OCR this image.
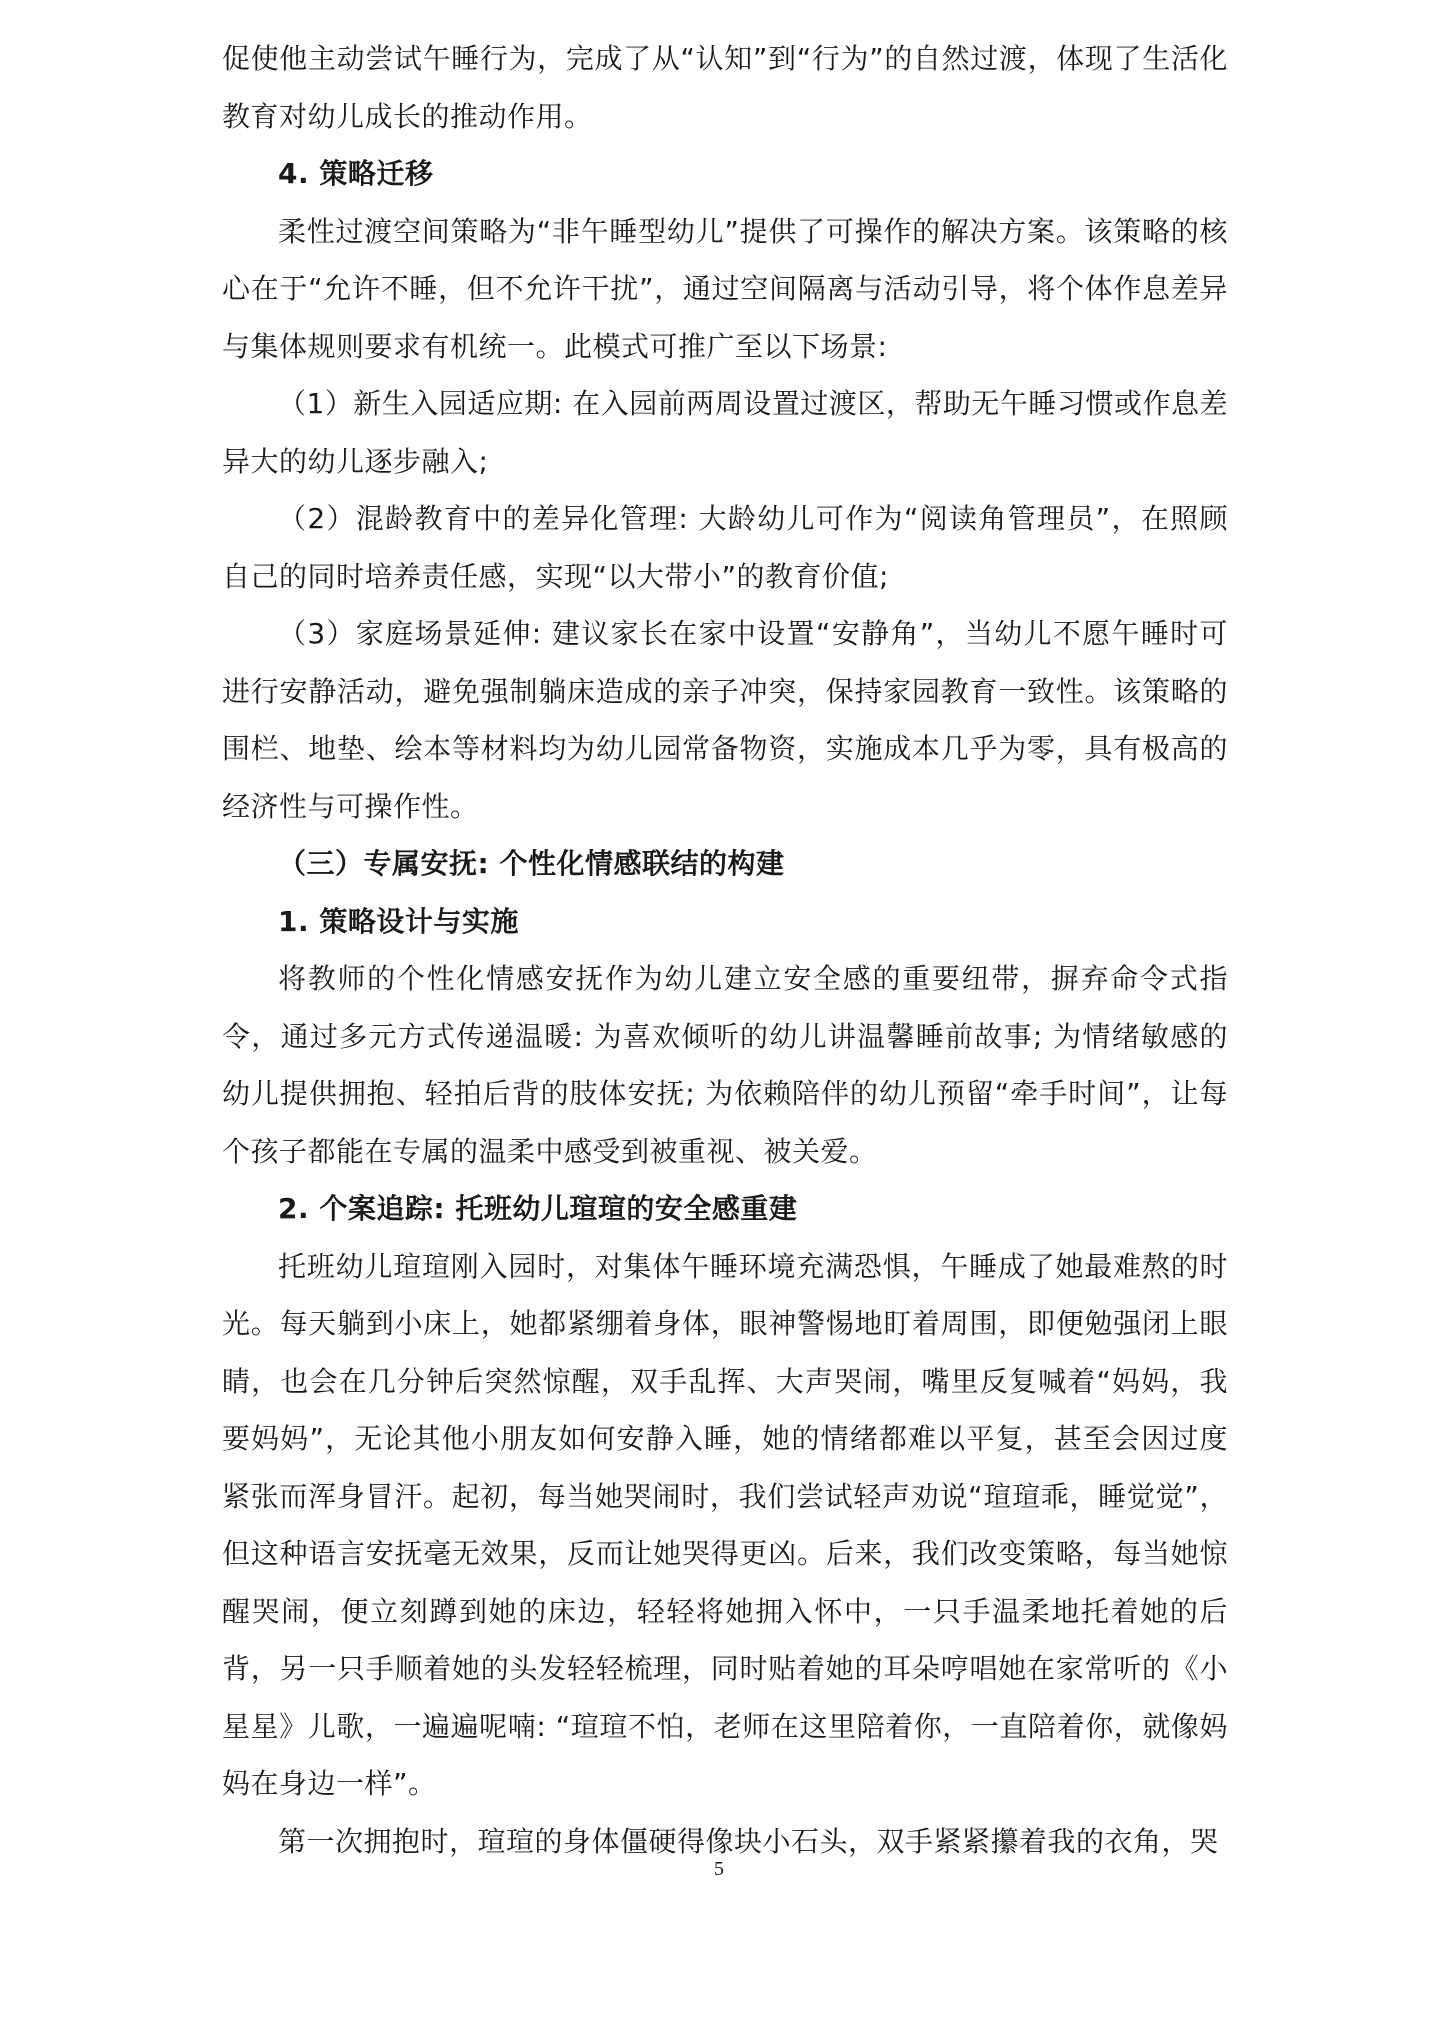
促使他主动尝试午睡行为，完成了从“认知”到“行为”的自然过渡，体现了生活化教育对幼儿成长的推动作用。

4. 策略迁移

柔性过渡空间策略为“非午睡型幼儿”提供了可操作的解决方案。该策略的核心在于“允许不睡，但不允许干扰”，通过空间隔离与活动引导，将个体作息差异与集体规则要求有机统一。此模式可推广至以下场景:

（1）新生入园适应期: 在入园前两周设置过渡区，帮助无午睡习惯或作息差异大的幼儿逐步融入;

（2）混龄教育中的差异化管理: 大龄幼儿可作为“阅读角管理员”，在照顾自己的同时培养责任感，实现“以大带小”的教育价值;

（3）家庭场景延伸: 建议家长在家中设置“安静角”，当幼儿不愿午睡时可进行安静活动，避免强制躺床造成的亲子冲突，保持家园教育一致性。该策略的围栏、地垫、绘本等材料均为幼儿园常备物资，实施成本几乎为零，具有极高的经济性与可操作性。

（三）专属安抚: 个性化情感联结的构建

1. 策略设计与实施

将教师的个性化情感安抚作为幼儿建立安全感的重要纽带，摒弃命令式指令，通过多元方式传递温暖: 为喜欢倾听的幼儿讲温馨睡前故事; 为情绪敏感的幼儿提供拥抱、轻拍后背的肢体安抚; 为依赖陪伴的幼儿预留“牵手时间”，让每个孩子都能在专属的温柔中感受到被重视、被关爱。

2. 个案追踪: 托班幼儿瑄瑄的安全感重建

托班幼儿瑄瑄刚入园时，对集体午睡环境充满恐惧，午睡成了她最难熬的时光。每天躺到小床上，她都紧绷着身体，眼神警惕地盯着周围，即便勉强闭上眼睛，也会在几分钟后突然惊醒，双手乱挥、大声哭闹，嘴里反复喊着“妈妈，我要妈妈”，无论其他小朋友如何安静入睡，她的情绪都难以平复，甚至会因过度紧张而浑身冒汗。起初，每当她哭闹时，我们尝试轻声劝说“瑄瑄乖，睡觉觉”，但这种语言安抚毫无效果，反而让她哭得更凶。后来，我们改变策略，每当她惊醒哭闹，便立刻蹲到她的床边，轻轻将她拥入怀中，一只手温柔地托着她的后背，另一只手顺着她的头发轻轻梳理，同时贴着她的耳朵哼唱她在家常听的《小星星》儿歌，一遍遍呢喃: “瑄瑄不怕，老师在这里陪着你，一直陪着你，就像妈妈在身边一样”。

第一次拥抱时，瑄瑄的身体僵硬得像块小石头，双手紧紧攥着我的衣角，哭

5
